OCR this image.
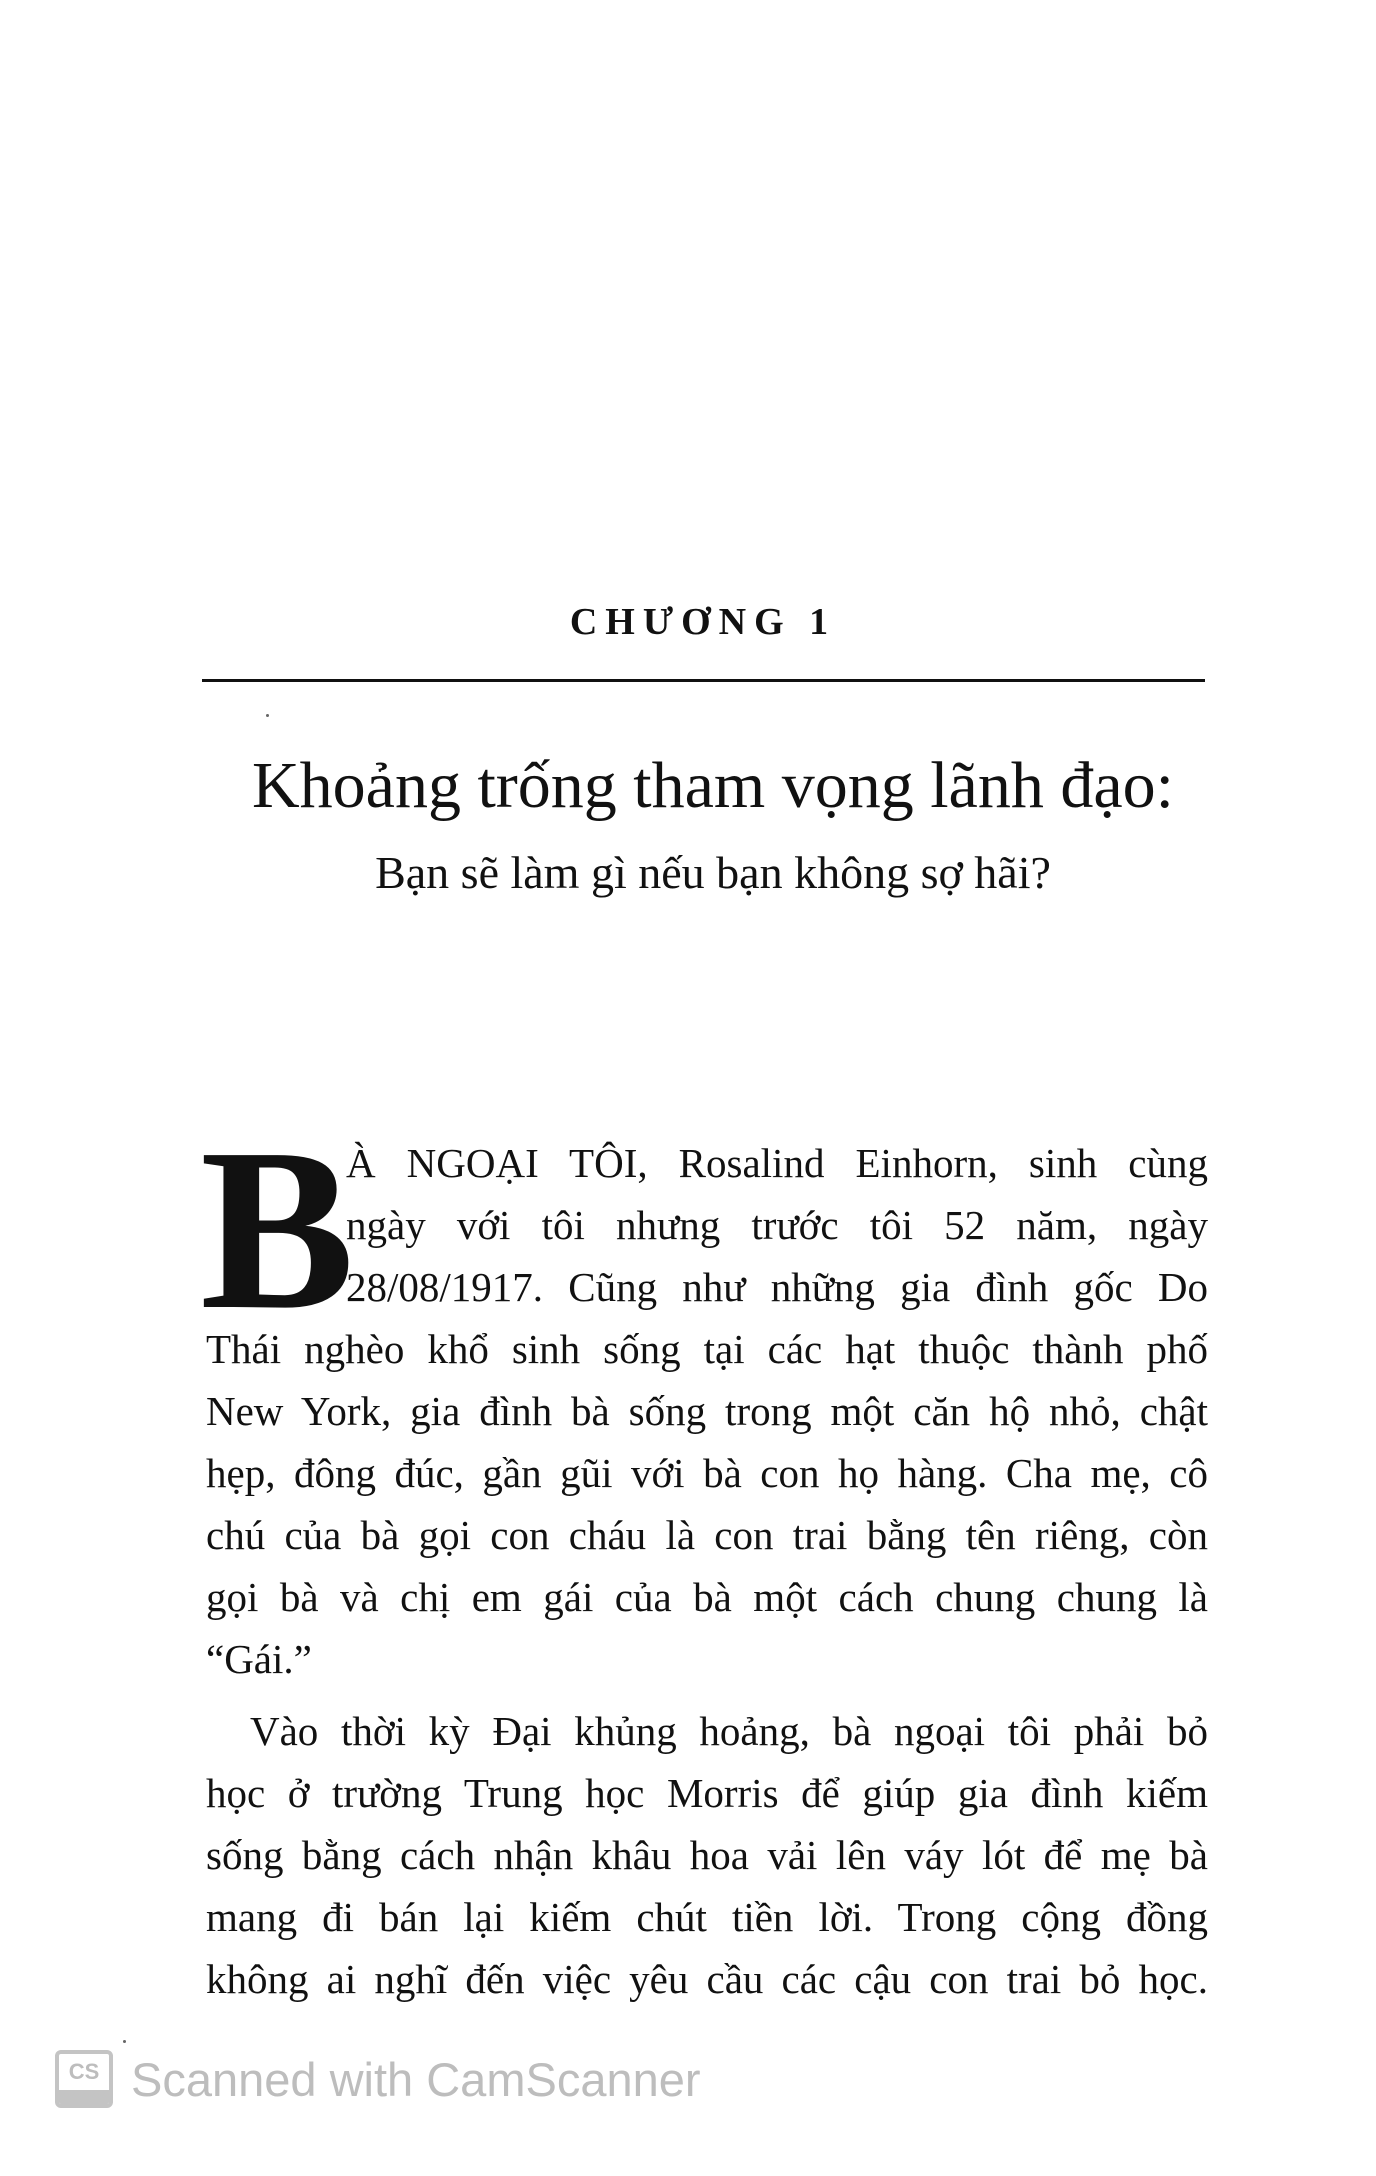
CHƯƠNG 1
Khoảng trống tham vọng lãnh đạo:
Bạn sẽ làm gì nếu bạn không sợ hãi?
B
À NGOẠI TÔI, Rosalind Einhorn, sinh cùng
ngày với tôi nhưng trước tôi 52 năm, ngày
28/08/1917. Cũng như những gia đình gốc Do
Thái nghèo khổ sinh sống tại các hạt thuộc thành phố
New York, gia đình bà sống trong một căn hộ nhỏ, chật
hẹp, đông đúc, gần gũi với bà con họ hàng. Cha mẹ, cô
chú của bà gọi con cháu là con trai bằng tên riêng, còn
gọi bà và chị em gái của bà một cách chung chung là
“Gái.”
Vào thời kỳ Đại khủng hoảng, bà ngoại tôi phải bỏ
học ở trường Trung học Morris để giúp gia đình kiếm
sống bằng cách nhận khâu hoa vải lên váy lót để mẹ bà
mang đi bán lại kiếm chút tiền lời. Trong cộng đồng
không ai nghĩ đến việc yêu cầu các cậu con trai bỏ học.
CS Scanned with CamScanner
